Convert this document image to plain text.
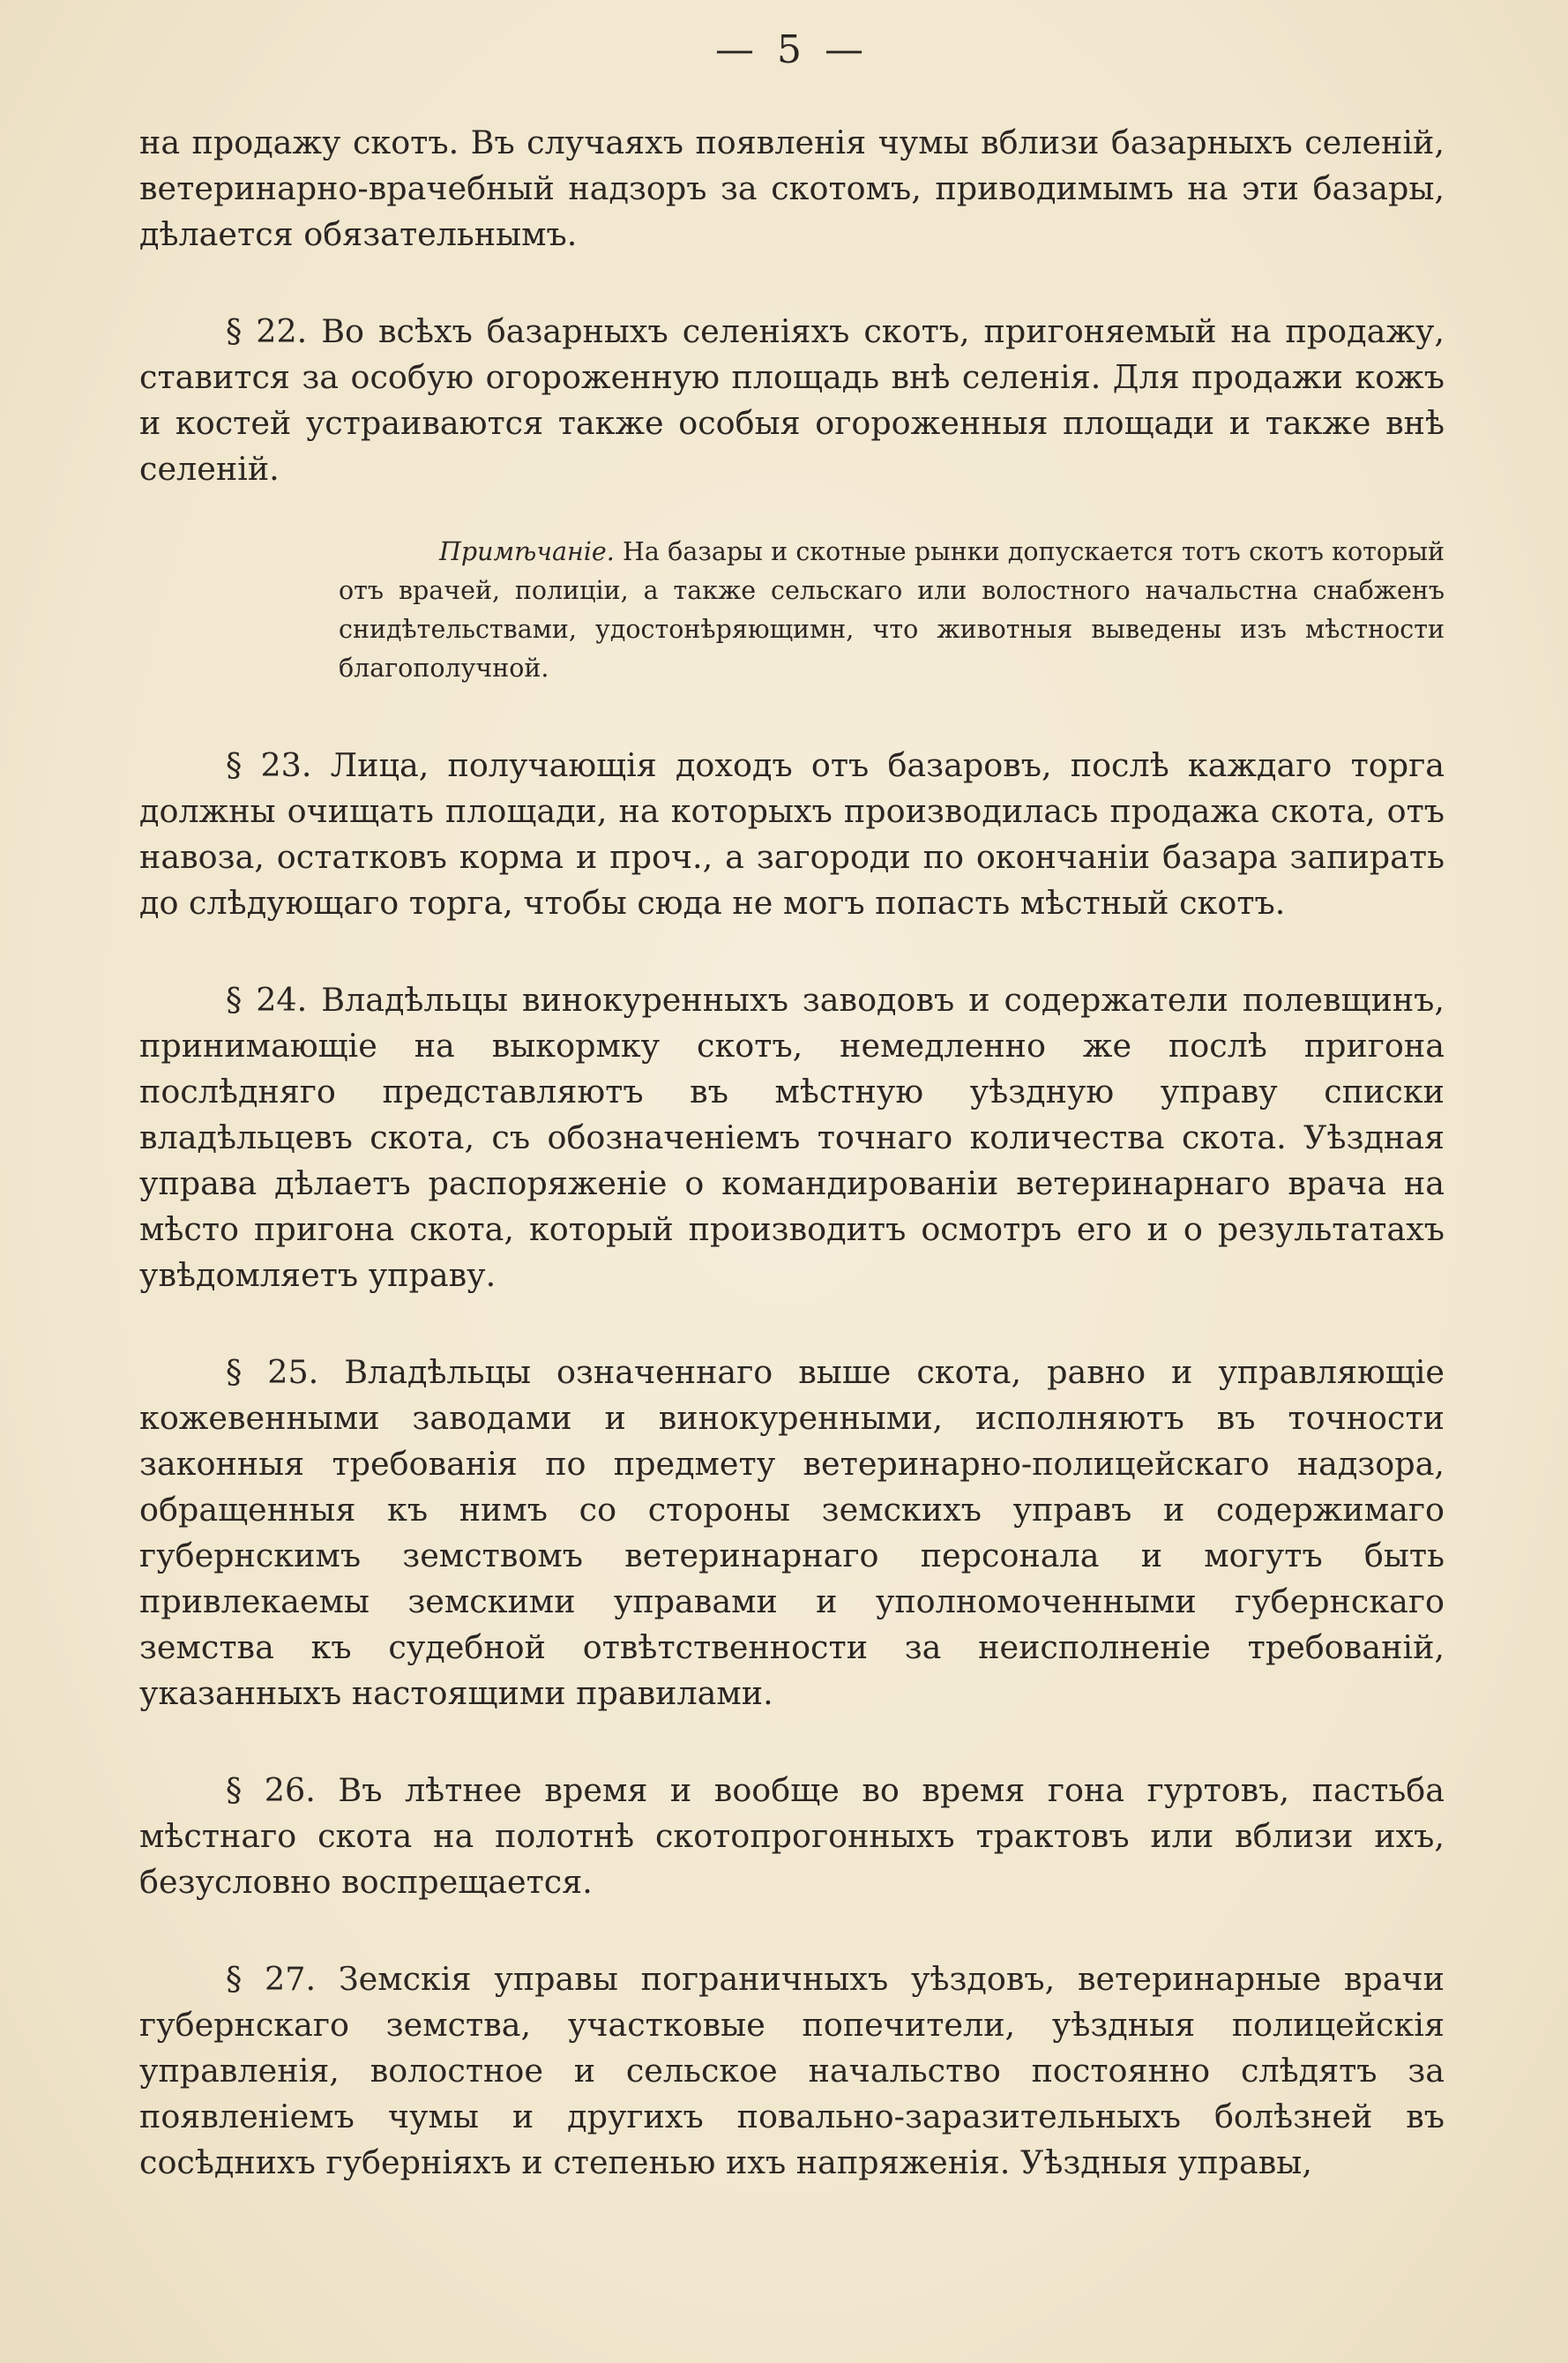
— 5 —

на продажу скотъ. Въ случаяхъ появленія чумы вблизи базарныхъ селеній, ветеринарно-врачебный надзоръ за скотомъ, приводимымъ на эти базары, дѣлается обязательнымъ.

§ 22. Во всѣхъ базарныхъ селеніяхъ скотъ, пригоняемый на продажу, ставится за особую огороженную площадь внѣ селенія. Для продажи кожъ и костей устраиваются также особыя огороженныя площади и также внѣ селеній.

Примѣчаніе. На базары и скотные рынки допускается тотъ скотъ который отъ врачей, полиціи, а также сельскаго или волостного начальстна снабженъ снидѣтельствами, удостонѣряющимн, что животныя выведены изъ мѣстности благополучной.

§ 23. Лица, получающія доходъ отъ базаровъ, послѣ каждаго торга должны очищать площади, на которыхъ производилась продажа скота, отъ навоза, остатковъ корма и проч., а загороди по окончаніи базара запирать до слѣдующаго торга, чтобы сюда не могъ попасть мѣстный скотъ.

§ 24. Владѣльцы винокуренныхъ заводовъ и содержатели полевщинъ, принимающіе на выкормку скотъ, немедленно же послѣ пригона послѣдняго представляютъ въ мѣстную уѣздную управу списки владѣльцевъ скота, съ обозначеніемъ точнаго количества скота. Уѣздная управа дѣлаетъ распоряженіе о командированіи ветеринарнаго врача на мѣсто пригона скота, который производитъ осмотръ его и о результатахъ увѣдомляетъ управу.

§ 25. Владѣльцы означеннаго выше скота, равно и управляющіе кожевенными заводами и винокуренными, исполняютъ въ точности законныя требованія по предмету ветеринарно-полицейскаго надзора, обращенныя къ нимъ со стороны земскихъ управъ и содержимаго губернскимъ земствомъ ветеринарнаго персонала и могутъ быть привлекаемы земскими управами и уполномоченными губернскаго земства къ судебной отвѣтственности за неисполненіе требованій, указанныхъ настоящими правилами.

§ 26. Въ лѣтнее время и вообще во время гона гуртовъ, пастьба мѣстнаго скота на полотнѣ скотопрогонныхъ трактовъ или вблизи ихъ, безусловно воспрещается.

§ 27. Земскія управы пограничныхъ уѣздовъ, ветеринарные врачи губернскаго земства, участковые попечители, уѣздныя полицейскія управленія, волостное и сельское начальство постоянно слѣдятъ за появленіемъ чумы и другихъ повально-заразительныхъ болѣзней въ сосѣднихъ губерніяхъ и степенью ихъ напряженія. Уѣздныя управы,
